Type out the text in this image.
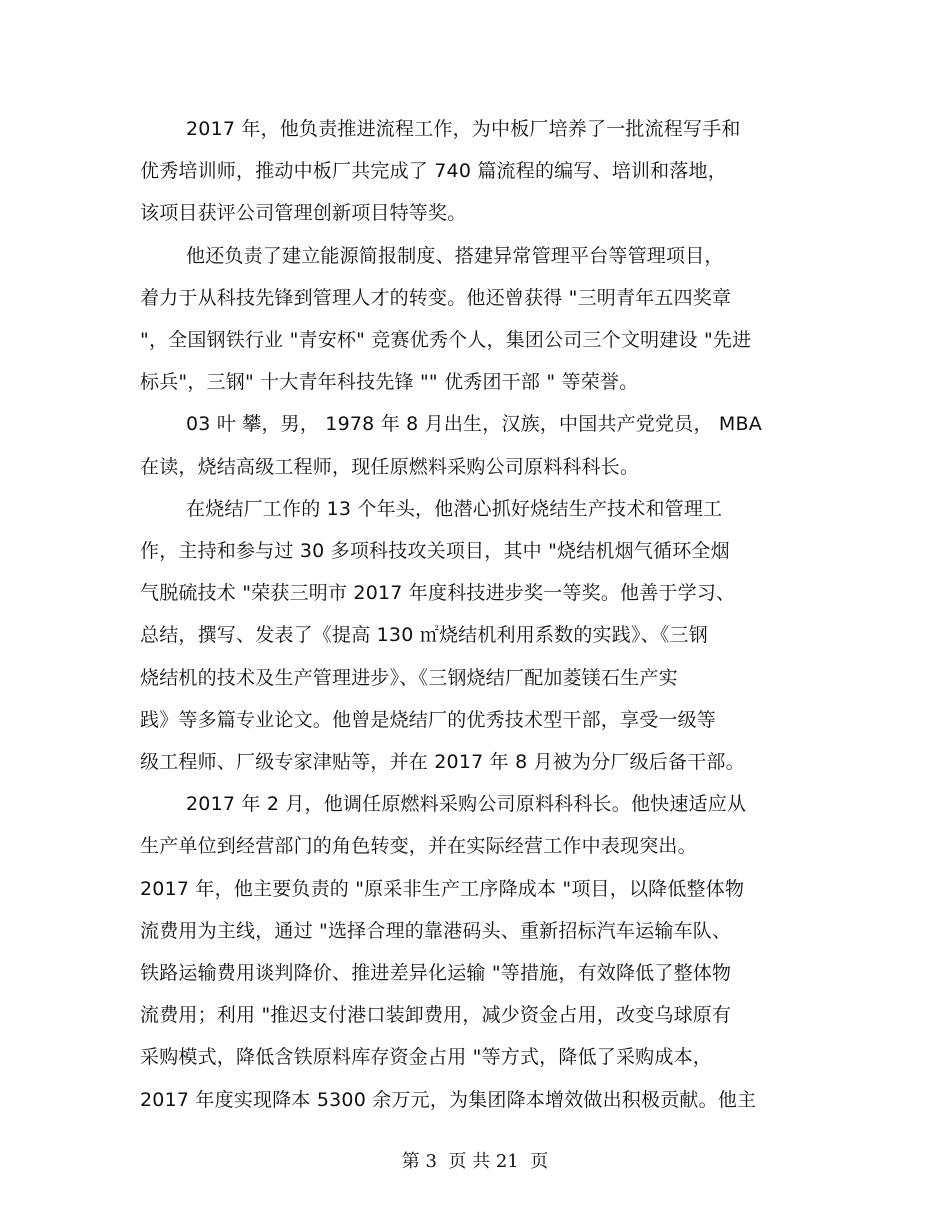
2017 年，他负责推进流程工作，为中板厂培养了一批流程写手和
优秀培训师，推动中板厂共完成了 740 篇流程的编写、培训和落地，
该项目获评公司管理创新项目特等奖。
他还负责了建立能源简报制度、搭建异常管理平台等管理项目，
着力于从科技先锋到管理人才的转变。他还曾获得 "三明青年五四奖章
"，全国钢铁行业 "青安杯" 竞赛优秀个人，集团公司三个文明建设 "先进
标兵"，三钢" 十大青年科技先锋 "" 优秀团干部 " 等荣誉。
03 叶 攀，男， 1978 年 8 月出生，汉族，中国共产党党员， MBA
在读，烧结高级工程师，现任原燃料采购公司原料科科长。
在烧结厂工作的 13 个年头，他潜心抓好烧结生产技术和管理工
作，主持和参与过 30 多项科技攻关项目，其中 "烧结机烟气循环全烟
气脱硫技术 "荣获三明市 2017 年度科技进步奖一等奖。他善于学习、
总结，撰写、发表了《提高 130 ㎡烧结机利用系数的实践》、《三钢
烧结机的技术及生产管理进步》、《三钢烧结厂配加菱镁石生产实
践》等多篇专业论文。他曾是烧结厂的优秀技术型干部，享受一级等
级工程师、厂级专家津贴等，并在 2017 年 8 月被为分厂级后备干部。
2017 年 2 月，他调任原燃料采购公司原料科科长。他快速适应从
生产单位到经营部门的角色转变，并在实际经营工作中表现突出。
2017 年，他主要负责的 "原采非生产工序降成本 "项目，以降低整体物
流费用为主线，通过 "选择合理的靠港码头、重新招标汽车运输车队、
铁路运输费用谈判降价、推进差异化运输 "等措施，有效降低了整体物
流费用；利用 "推迟支付港口装卸费用，减少资金占用，改变乌球原有
采购模式，降低含铁原料库存资金占用 "等方式，降低了采购成本，
2017 年度实现降本 5300 余万元，为集团降本增效做出积极贡献。他主
第 3  页 共 21  页
